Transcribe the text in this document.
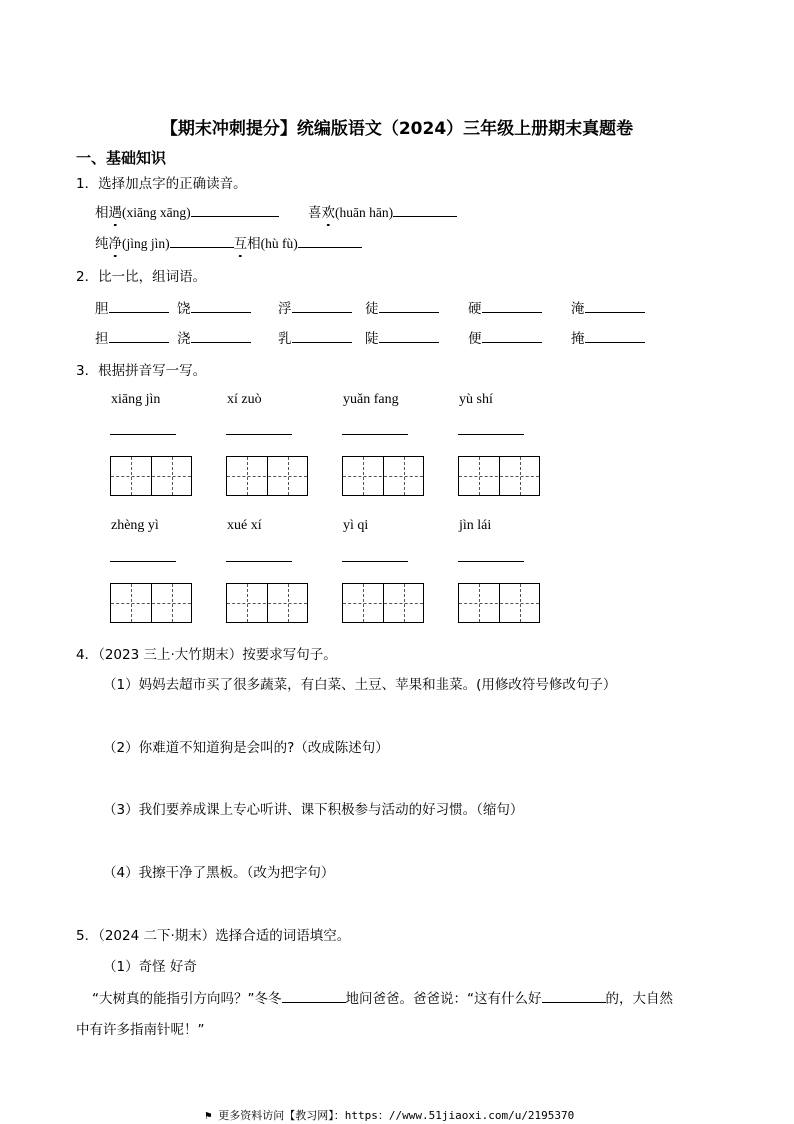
【期末冲刺提分】统编版语文（2024）三年级上册期末真题卷
一、基础知识
1．选择加点字的正确读音。
相遇(xiāng xāng)	喜欢(huān hān)
纯净(jìng jìn)	互相(hù fù)
2．比一比，组词语。
胆	饶	浮	徒	硬	淹
担	浇	乳	陡	便	掩
3．根据拼音写一写。
xiāng jìn	xí zuò	yuǎn fang	yù shí
zhèng yì	xué xí	yì qi	jìn lái
4．（2023 三上·大竹期末）按要求写句子。
（1）妈妈去超市买了很多蔬菜，有白菜、土豆、苹果和韭菜。(用修改符号修改句子）
（2）你难道不知道狗是会叫的?（改成陈述句）
（3）我们要养成课上专心听讲、课下积极参与活动的好习惯。（缩句）
（4）我擦干净了黑板。（改为把字句）
5．（2024 二下·期末）选择合适的词语填空。
（1）奇怪 好奇
“大树真的能指引方向吗？”冬冬	地问爸爸。爸爸说：“这有什么好	的，大自然
中有许多指南针呢！”
⚑ 更多资料访问【教习网】：https：//www.51jiaoxi.com/u/2195370
